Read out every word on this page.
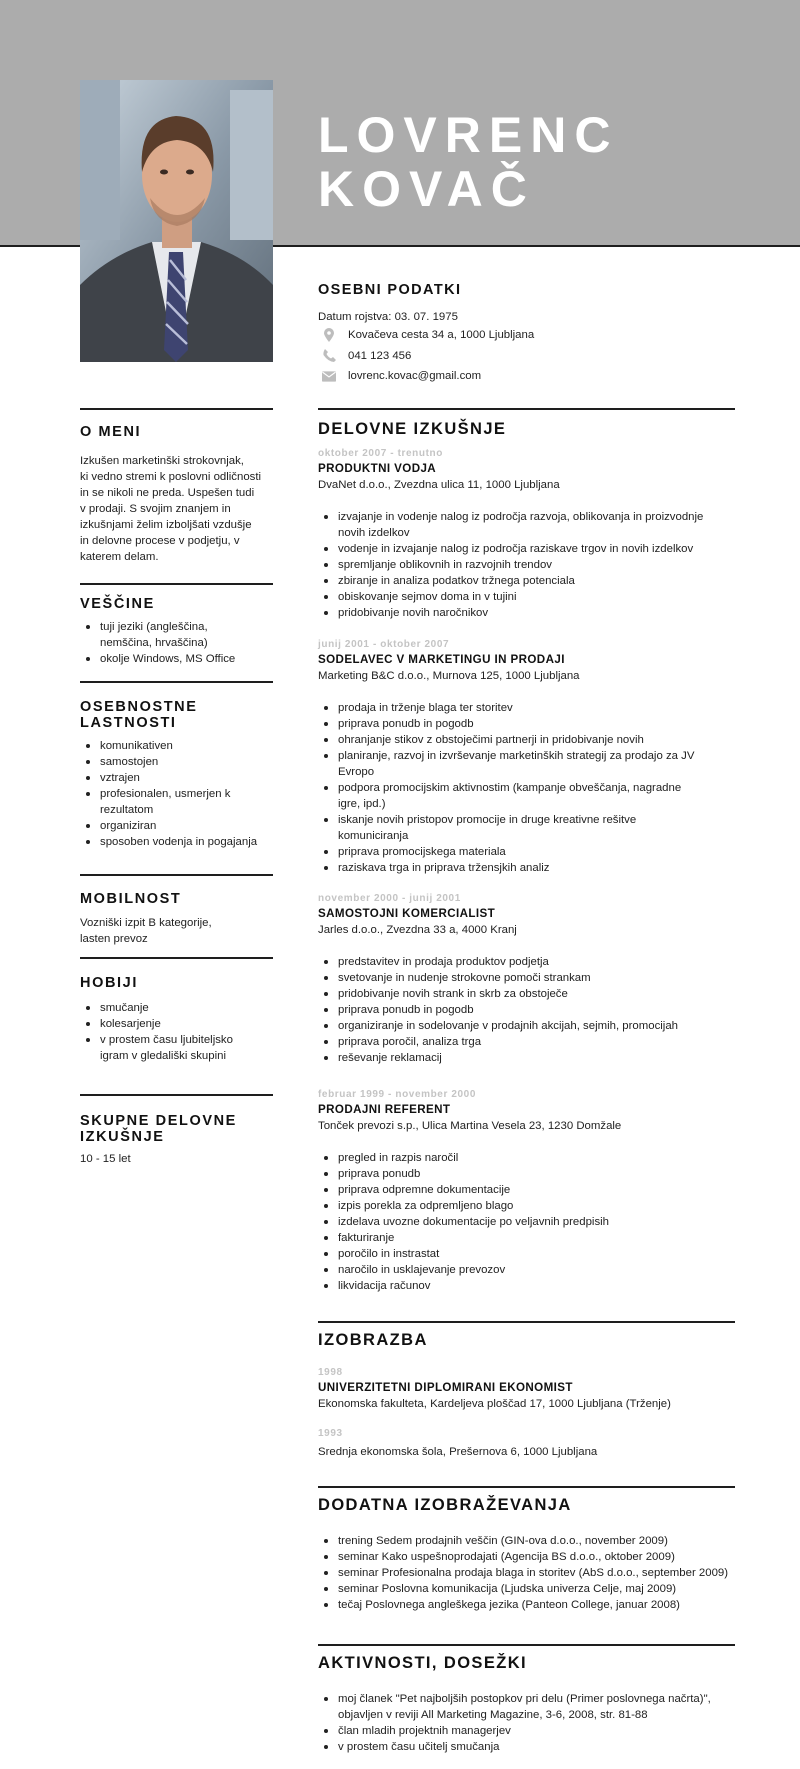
LOVRENC
KOVAČ
OSEBNI PODATKI

Datum rojstva: 03. 07. 1975

Kovačeva cesta 34 a, 1000 Ljubljana
041 123 456
lovrenc.kovac@gmail.com
O MENI
Izkušen marketinški strokovnjak,
ki vedno stremi k poslovni odličnosti
in se nikoli ne preda. Uspešen tudi
v prodaji. S svojim znanjem in
izkušnjami želim izboljšati vzdušje
in delovne procese v podjetju, v
katerem delam.
VEŠČINE
tuji jeziki (angleščina,
nemščina, hrvaščina)
okolje Windows, MS Office
OSEBNOSTNE
LASTNOSTI
komunikativen
samostojen
vztrajen
profesionalen, usmerjen k
rezultatom
organiziran
sposoben vodenja in pogajanja
MOBILNOST
Vozniški izpit B kategorije,
lasten prevoz
HOBIJI
smučanje
kolesarjenje
v prostem času ljubiteljsko
igram v gledališki skupini
SKUPNE DELOVNE
IZKUŠNJE

10 - 15 let

DELOVNE IZKUŠNJE

oktober 2007 - trenutno

PRODUKTNI VODJA

DvaNet d.o.o., Zvezdna ulica 11, 1000 Ljubljana

izvajanje in vodenje nalog iz področja razvoja, oblikovanja in proizvodnje
novih izdelkov
vodenje in izvajanje nalog iz področja raziskave trgov in novih izdelkov
spremljanje oblikovnih in razvojnih trendov
zbiranje in analiza podatkov tržnega potenciala
obiskovanje sejmov doma in v tujini
pridobivanje novih naročnikov

junij 2001 - oktober 2007

SODELAVEC V MARKETINGU IN PRODAJI

Marketing B&C d.o.o., Murnova 125, 1000 Ljubljana

prodaja in trženje blaga ter storitev
priprava ponudb in pogodb
ohranjanje stikov z obstoječimi partnerji in pridobivanje novih
planiranje, razvoj in izvrševanje marketinških strategij za prodajo za JV
Evropo
podpora promocijskim aktivnostim (kampanje obveščanja, nagradne
igre, ipd.)
iskanje novih pristopov promocije in druge kreativne rešitve
komuniciranja
priprava promocijskega materiala
raziskava trga in priprava tržensjkih analiz

november 2000 - junij 2001

SAMOSTOJNI KOMERCIALIST

Jarles d.o.o., Zvezdna 33 a, 4000 Kranj

predstavitev in prodaja produktov podjetja
svetovanje in nudenje strokovne pomoči strankam
pridobivanje novih strank in skrb za obstoječe
priprava ponudb in pogodb
organiziranje in sodelovanje v prodajnih akcijah, sejmih, promocijah
priprava poročil, analiza trga
reševanje reklamacij

februar 1999 - november 2000

PRODAJNI REFERENT

Tonček prevozi s.p., Ulica Martina Vesela 23, 1230 Domžale

pregled in razpis naročil
priprava ponudb
priprava odpremne dokumentacije
izpis porekla za odpremljeno blago
izdelava uvozne dokumentacije po veljavnih predpisih
fakturiranje
poročilo in instrastat
naročilo in usklajevanje prevozov
likvidacija računov
IZOBRAZBA

1998

UNIVERZITETNI DIPLOMIRANI EKONOMIST

Ekonomska fakulteta, Kardeljeva ploščad 17, 1000 Ljubljana (Trženje)

1993

Srednja ekonomska šola, Prešernova 6, 1000 Ljubljana

DODATNA IZOBRAŽEVANJA
trening Sedem prodajnih veščin (GIN-ova d.o.o., november 2009)
seminar Kako uspešnoprodajati (Agencija BS d.o.o., oktober 2009)
seminar Profesionalna prodaja blaga in storitev (AbS d.o.o., september 2009)
seminar Poslovna komunikacija (Ljudska univerza Celje, maj 2009)
tečaj Poslovnega angleškega jezika (Panteon College, januar 2008)
AKTIVNOSTI, DOSEŽKI
moj članek "Pet najboljših postopkov pri delu (Primer poslovnega načrta)",
objavljen v reviji All Marketing Magazine, 3-6, 2008, str. 81-88
član mladih projektnih managerjev
v prostem času učitelj smučanja
